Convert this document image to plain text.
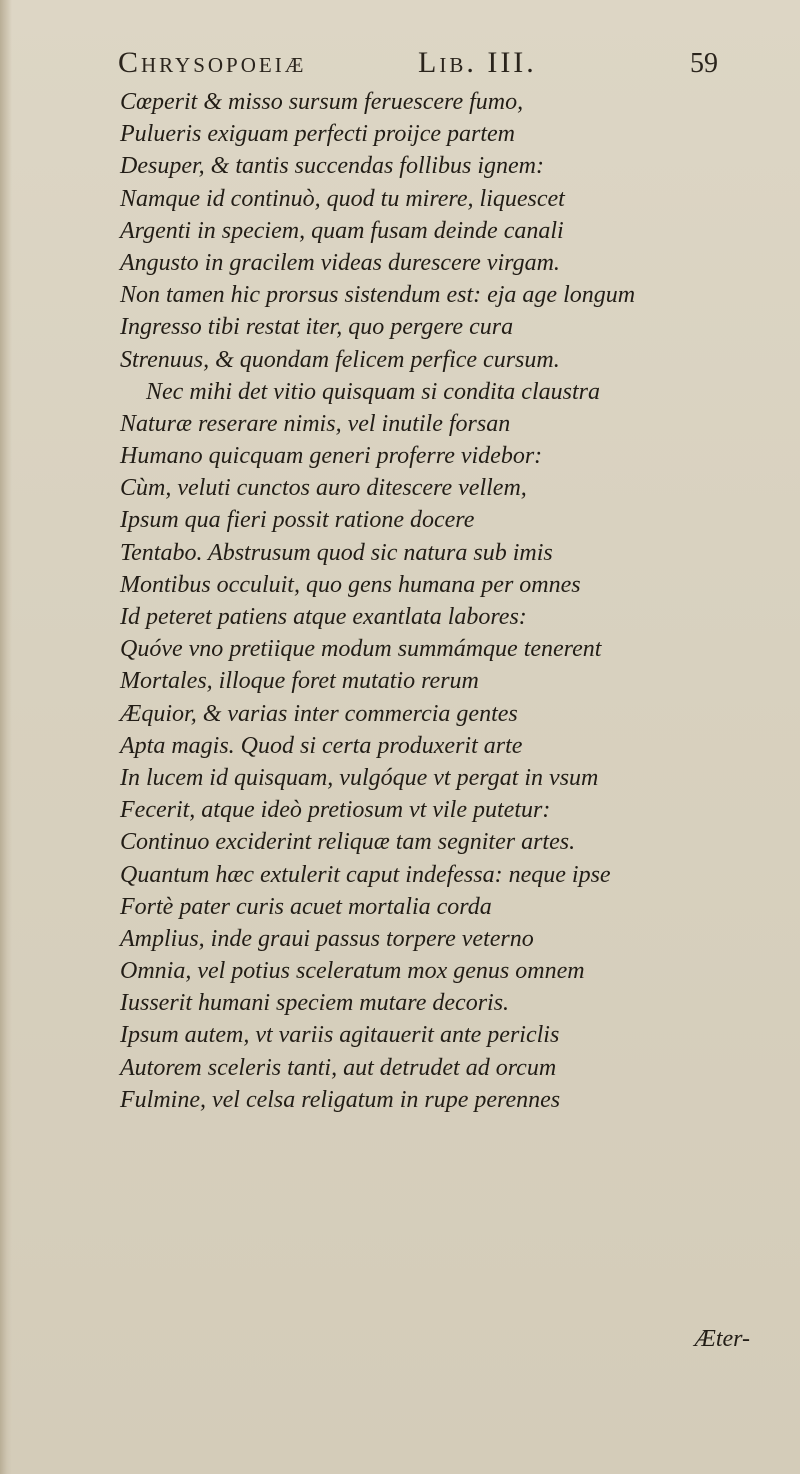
Chrysopoeiæ	Lib. III.	59
Cœperit & misso sursum feruescere fumo,
Pulueris exiguam perfecti proijce partem
Desuper, & tantis succendas follibus ignem:
Namque id continuò, quod tu mirere, liquescet
Argenti in speciem, quam fusam deinde canali
Angusto in gracilem videas durescere virgam.
Non tamen hic prorsus sistendum est: eja age longum
Ingresso tibi restat iter, quo pergere cura
Strenuus, & quondam felicem perfice cursum.
Nec mihi det vitio quisquam si condita claustra
Naturæ reserare nimis, vel inutile forsan
Humano quicquam generi proferre videbor:
Cùm, veluti cunctos auro ditescere vellem,
Ipsum qua fieri possit ratione docere
Tentabo. Abstrusum quod sic natura sub imis
Montibus occuluit, quo gens humana per omnes
Id peteret patiens atque exantlata labores:
Quóve vno pretiique modum summámque tenerent
Mortales, illoque foret mutatio rerum
Æquior, & varias inter commercia gentes
Apta magis. Quod si certa produxerit arte
In lucem id quisquam, vulgóque vt pergat in vsum
Fecerit, atque ideò pretiosum vt vile putetur:
Continuo exciderint reliquæ tam segniter artes.
Quantum hæc extulerit caput indefessa: neque ipse
Fortè pater curis acuet mortalia corda
Amplius, inde graui passus torpere veterno
Omnia, vel potius sceleratum mox genus omnem
Iusserit humani speciem mutare decoris.
Ipsum autem, vt variis agitauerit ante periclis
Autorem sceleris tanti, aut detrudet ad orcum
Fulmine, vel celsa religatum in rupe perennes
Æter-
